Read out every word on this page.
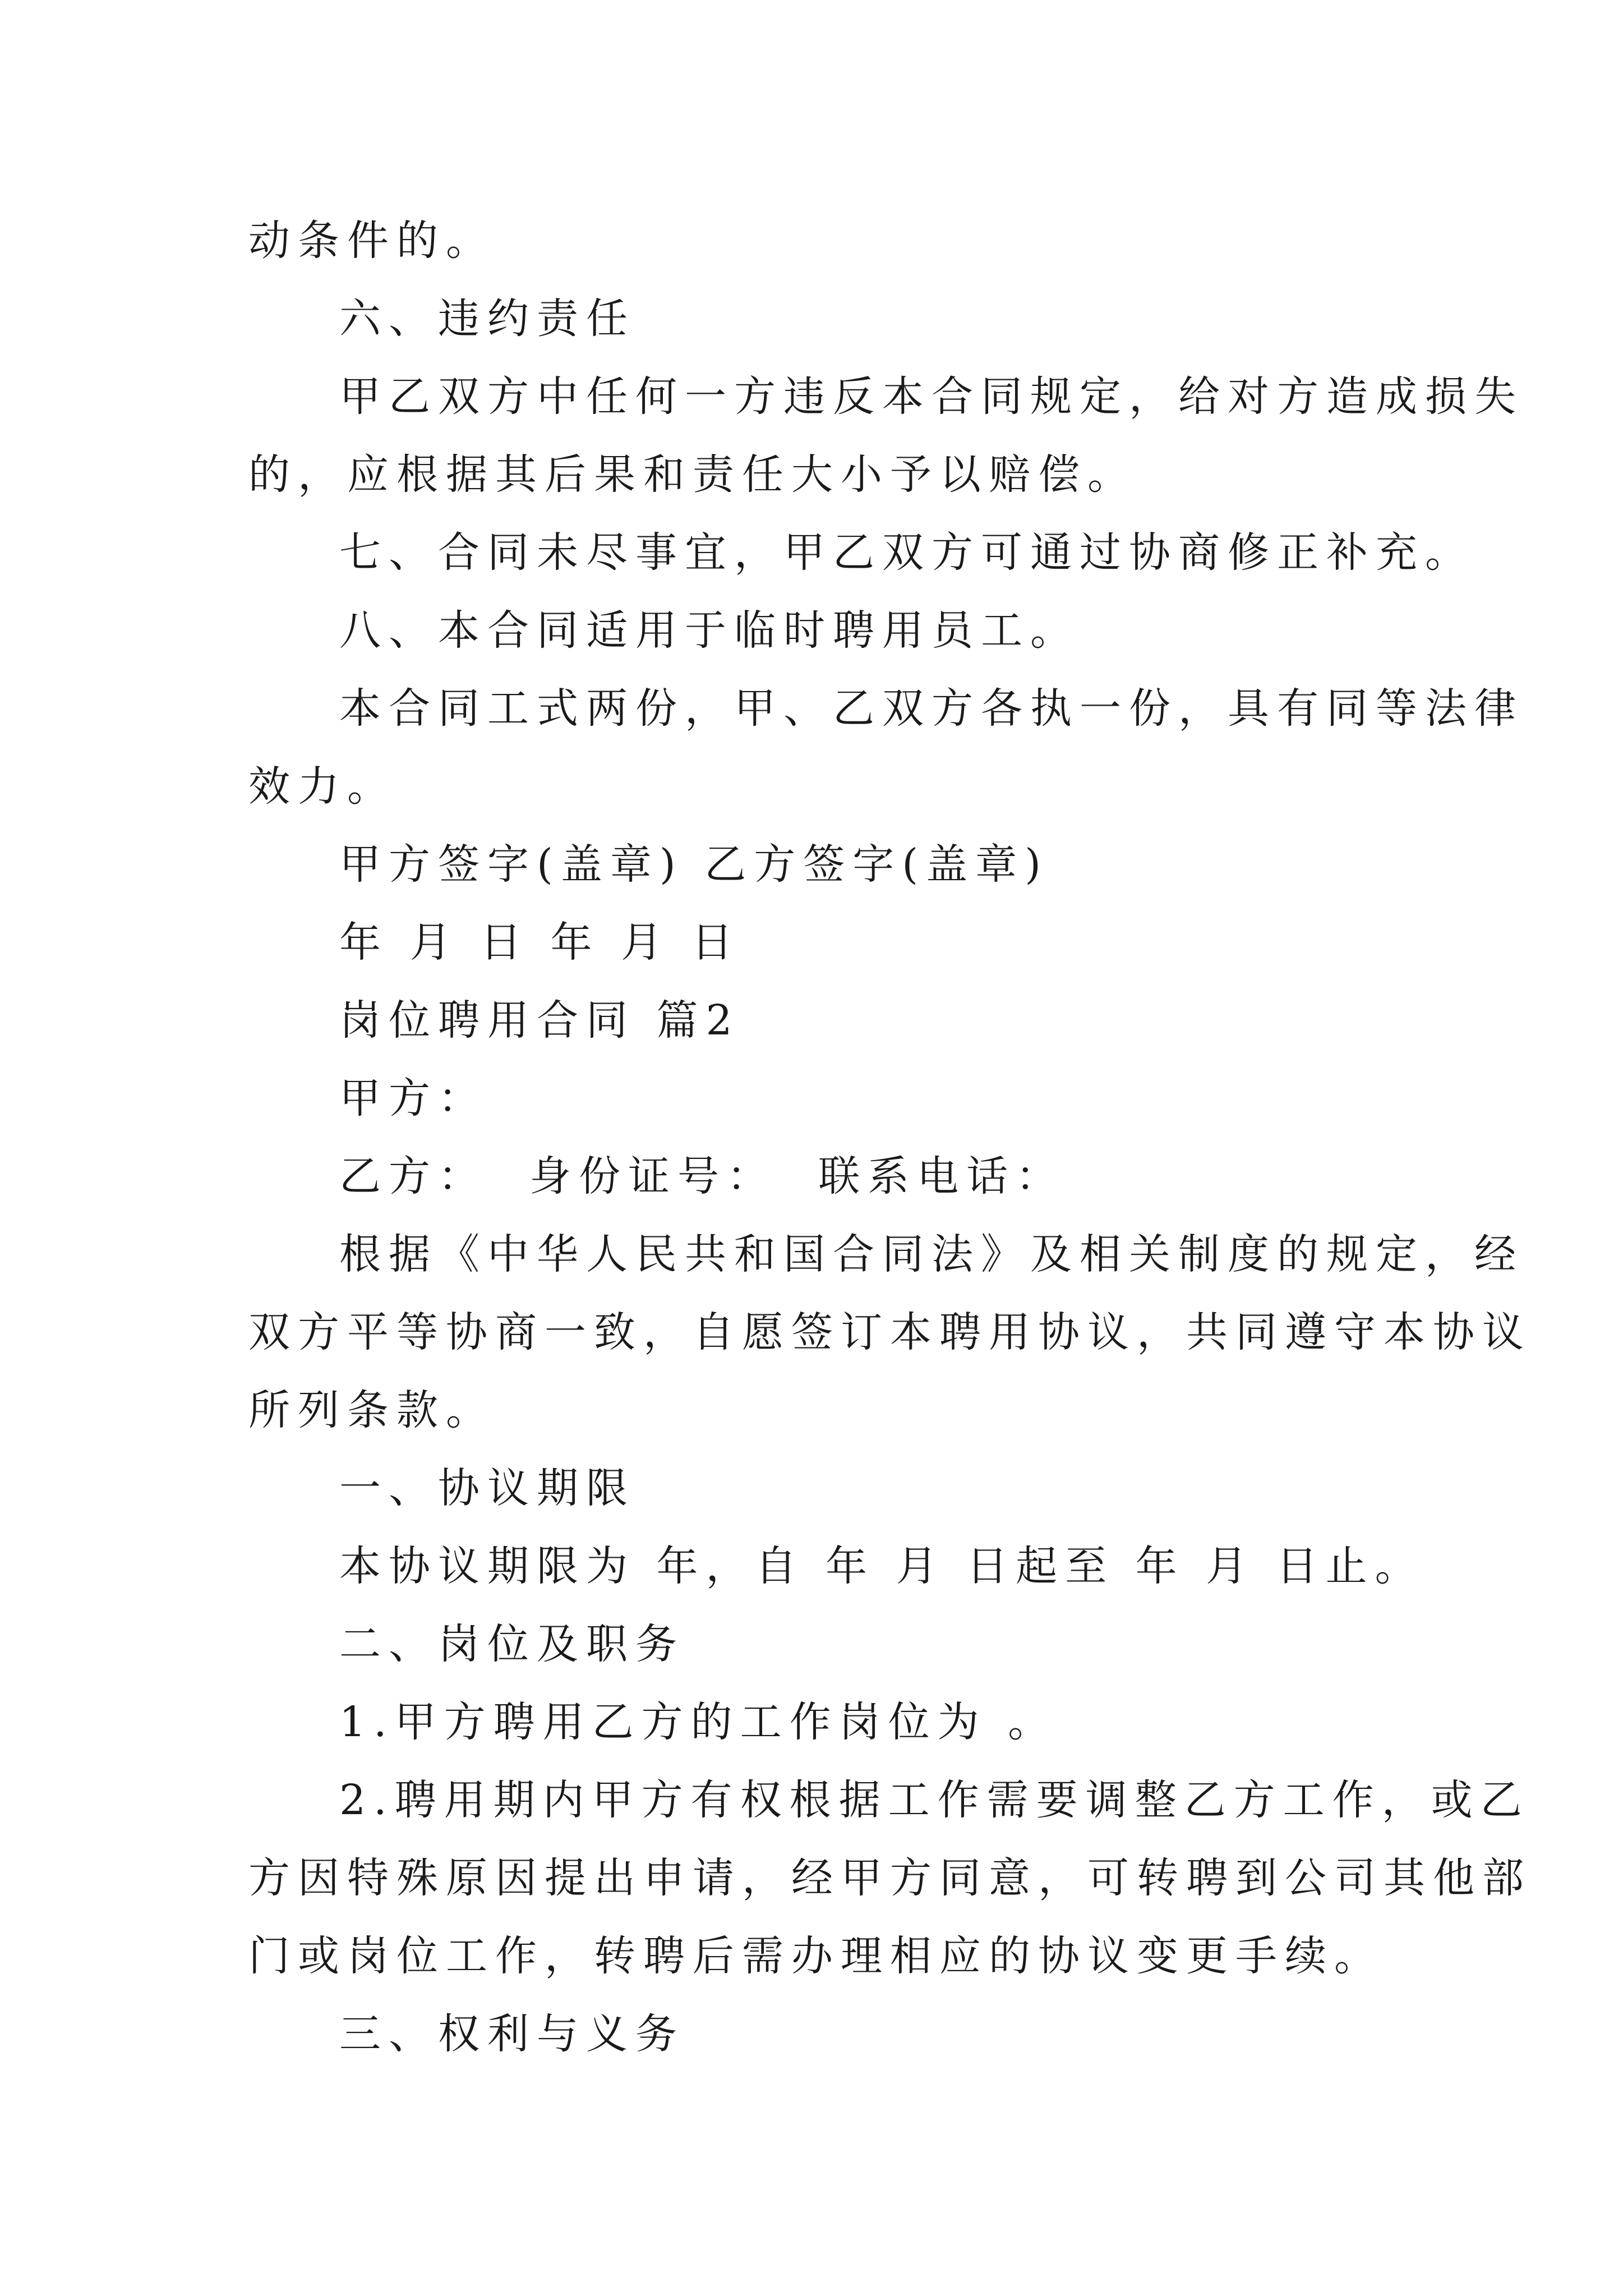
动条件的。
六、违约责任
甲乙双方中任何一方违反本合同规定，给对方造成损失
的，应根据其后果和责任大小予以赔偿。
七、合同未尽事宜，甲乙双方可通过协商修正补充。
八、本合同适用于临时聘用员工。
本合同工式两份，甲、乙双方各执一份，具有同等法律
效力。
甲方签字(盖章) 乙方签字(盖章)
年 月 日 年 月 日
岗位聘用合同 篇2
甲方：
乙方：  身份证号：  联系电话：
根据《中华人民共和国合同法》及相关制度的规定，经
双方平等协商一致，自愿签订本聘用协议，共同遵守本协议
所列条款。
一、协议期限
本协议期限为 年，自 年 月 日起至 年 月 日止。
二、岗位及职务
1.甲方聘用乙方的工作岗位为 。
2.聘用期内甲方有权根据工作需要调整乙方工作，或乙
方因特殊原因提出申请，经甲方同意，可转聘到公司其他部
门或岗位工作，转聘后需办理相应的协议变更手续。
三、权利与义务
